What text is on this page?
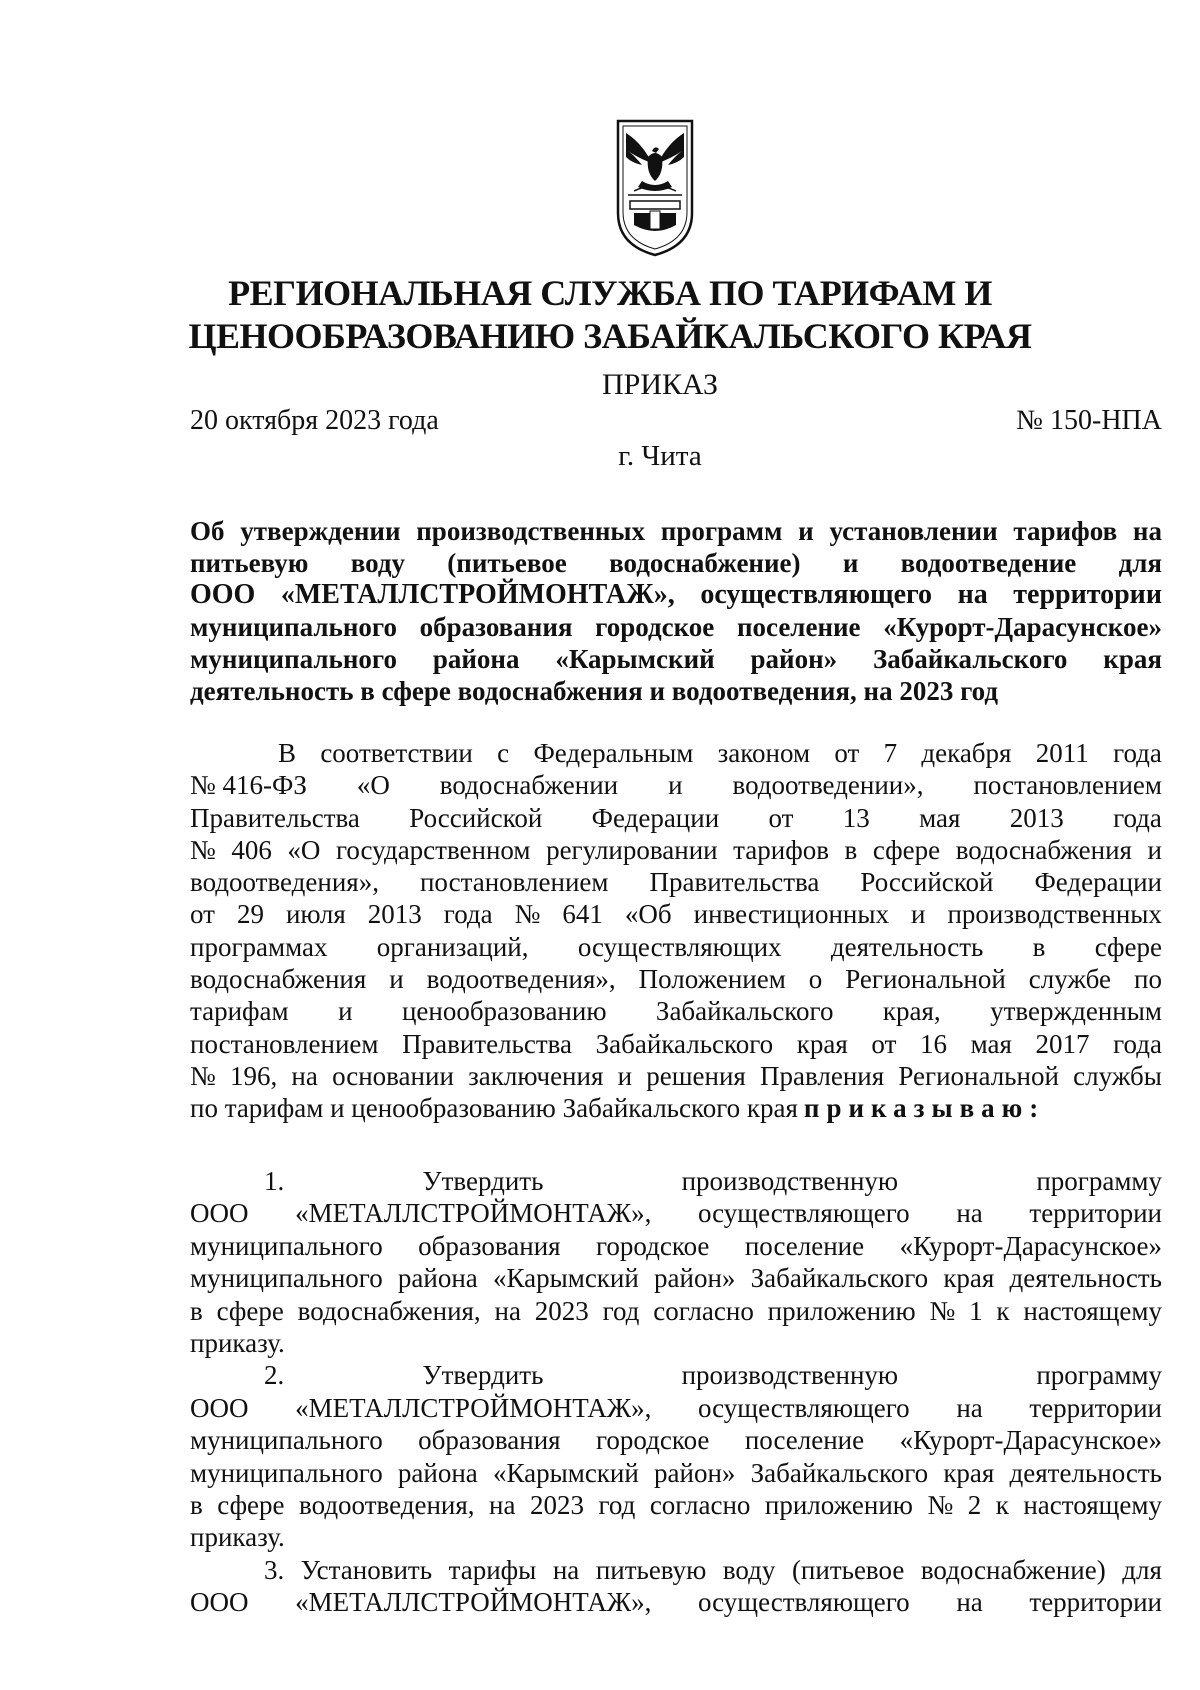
РЕГИОНАЛЬНАЯ СЛУЖБА ПО ТАРИФАМ И
ЦЕНООБРАЗОВАНИЮ ЗАБАЙКАЛЬСКОГО КРАЯ
ПРИКАЗ
20 октября 2023 года	№ 150-НПА
г. Чита
Об утверждении производственных программ и установлении тарифов на
питьевую воду (питьевое водоснабжение) и водоотведение для
ООО «МЕТАЛЛСТРОЙМОНТАЖ», осуществляющего на территории
муниципального образования городское поселение «Курорт-Дарасунское»
муниципального района «Карымский район» Забайкальского края
деятельность в сфере водоснабжения и водоотведения, на 2023 год
В соответствии с Федеральным законом от 7 декабря 2011 года
№ 416-ФЗ «О водоснабжении и водоотведении», постановлением
Правительства Российской Федерации от 13 мая 2013 года
№ 406 «О государственном регулировании тарифов в сфере водоснабжения и
водоотведения», постановлением Правительства Российской Федерации
от 29 июля 2013 года № 641 «Об инвестиционных и производственных
программах организаций, осуществляющих деятельность в сфере
водоснабжения и водоотведения», Положением о Региональной службе по
тарифам и ценообразованию Забайкальского края, утвержденным
постановлением Правительства Забайкальского края от 16 мая 2017 года
№ 196, на основании заключения и решения Правления Региональной службы
по тарифам и ценообразованию Забайкальского края приказываю:
1.	Утвердить	производственную	программу
ООО «МЕТАЛЛСТРОЙМОНТАЖ», осуществляющего на территории
муниципального образования городское поселение «Курорт-Дарасунское»
муниципального района «Карымский район» Забайкальского края деятельность
в сфере водоснабжения, на 2023 год согласно приложению № 1 к настоящему
приказу.
2.	Утвердить	производственную	программу
ООО «МЕТАЛЛСТРОЙМОНТАЖ», осуществляющего на территории
муниципального образования городское поселение «Курорт-Дарасунское»
муниципального района «Карымский район» Забайкальского края деятельность
в сфере водоотведения, на 2023 год согласно приложению № 2 к настоящему
приказу.
3. Установить тарифы на питьевую воду (питьевое водоснабжение) для
ООО «МЕТАЛЛСТРОЙМОНТАЖ», осуществляющего на территории
